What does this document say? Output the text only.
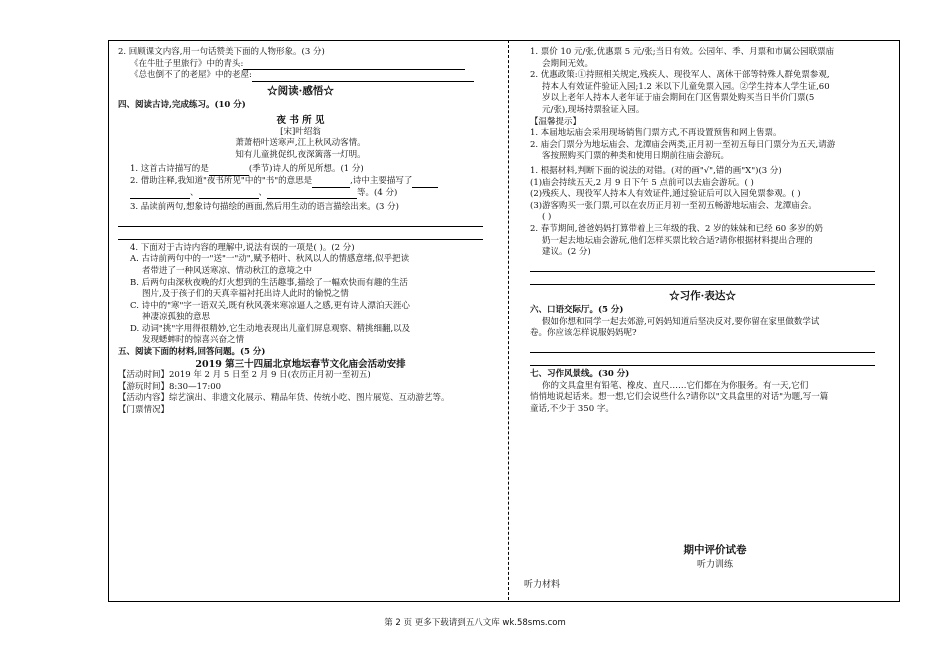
2. 回顾课文内容,用一句话赞美下面的人物形象。(3 分)
《在牛肚子里旅行》中的青头:
《总也倒不了的老屋》中的老屋:
☆阅读·感悟☆
四、阅读古诗,完成练习。(10 分)
夜 书 所 见
[宋]叶绍翁
萧萧梧叶送寒声,江上秋风动客情。
知有儿童挑促织,夜深篱落一灯明。
1. 这首古诗描写的是	(季节)诗人的所见所想。(1 分)
2. 借助注释,我知道"夜书所见"中的"书"的意思是	,诗中主要描写了
、	、	等。(4 分)
3. 品读前两句,想象诗句描绘的画面,然后用生动的语言描绘出来。(3 分)
4. 下面对于古诗内容的理解中,说法有误的一项是( )。(2 分)
A. 古诗前两句中的一"送"一"动",赋予梧叶、秋风以人的情感意绪,似乎把读
者带进了一种风送寒凉、情动秋江的意境之中
B. 后两句由深秋夜晚的灯火想到的生活趣事,描绘了一幅欢快而有趣的生活
图片,及于孩子们的天真幸福衬托出诗人此时的愉悦之情
C. 诗中的"寒"字一语双关,既有秋风袭来寒凉逼人之感,更有诗人漂泊天涯心
神凄凉孤独的意思
D. 动词"挑"字用得很精妙,它生动地表现出儿童们屏息观察、精挑细翻,以及
发现蟋蟀时的惊喜兴奋之情
五、阅读下面的材料,回答问题。(5 分)
2019 第三十四届北京地坛春节文化庙会活动安排
【活动时间】2019 年 2 月 5 日至 2 月 9 日(农历正月初一至初五)
【游玩时间】8:30—17:00
【活动内容】综艺演出、非遗文化展示、精品年货、传统小吃、图片展览、互动游艺等。
【门票情况】
1. 票价 10 元/张,优惠票 5 元/张;当日有效。公园年、季、月票和市属公园联票庙
会期间无效。
2. 优惠政策:①持照相关规定,残疾人、现役军人、离休干部等特殊人群免票参观,
持本人有效证件验证入园;1.2 米以下儿童免票入园。②学生持本人学生证,60
岁以上老年人持本人老年证于庙会期间在门区售票处购买当日半价门票(5
元/张),现场持票验证入园。
【温馨提示】
1. 本届地坛庙会采用现场销售门票方式,不再设置预售和网上售票。
2. 庙会门票分为地坛庙会、龙潭庙会两类,正月初一至初五每日门票分为五天,请游
客按照购买门票的种类和使用日期前往庙会游玩。
1. 根据材料,判断下面的说法的对错。(对的画"√",错的画"X")(3 分)
(1)庙会持续五天,2 月 9 日下午 5 点前可以去庙会游玩。( )
(2)残疾人、现役军人持本人有效证件,通过验证后可以入园免票参观。( )
(3)游客购买一张门票,可以在农历正月初一至初五畅游地坛庙会、龙潭庙会。
( )
2. 春节期间,爸爸妈妈打算带着上三年级的我、2 岁的妹妹和已经 60 多岁的奶
奶一起去地坛庙会游玩,他们怎样买票比较合适?请你根据材料提出合理的
建议。(2 分)
☆习作·表达☆
六、口语交际厅。(5 分)
假如你想和同学一起去郊游,可妈妈知道后坚决反对,要你留在家里做数学试
卷。你应该怎样说服妈妈呢?
七、习作风景线。(30 分)
你的文具盒里有铅笔、橡皮、直尺……它们都在为你服务。有一天,它们
悄悄地说起话来。想一想,它们会说些什么?请你以"文具盒里的对话"为题,写一篇
童话,不少于 350 字。
期中评价试卷
听力训练
听力材料
第 2 页 更多下载请到五八文库 wk.58sms.com
